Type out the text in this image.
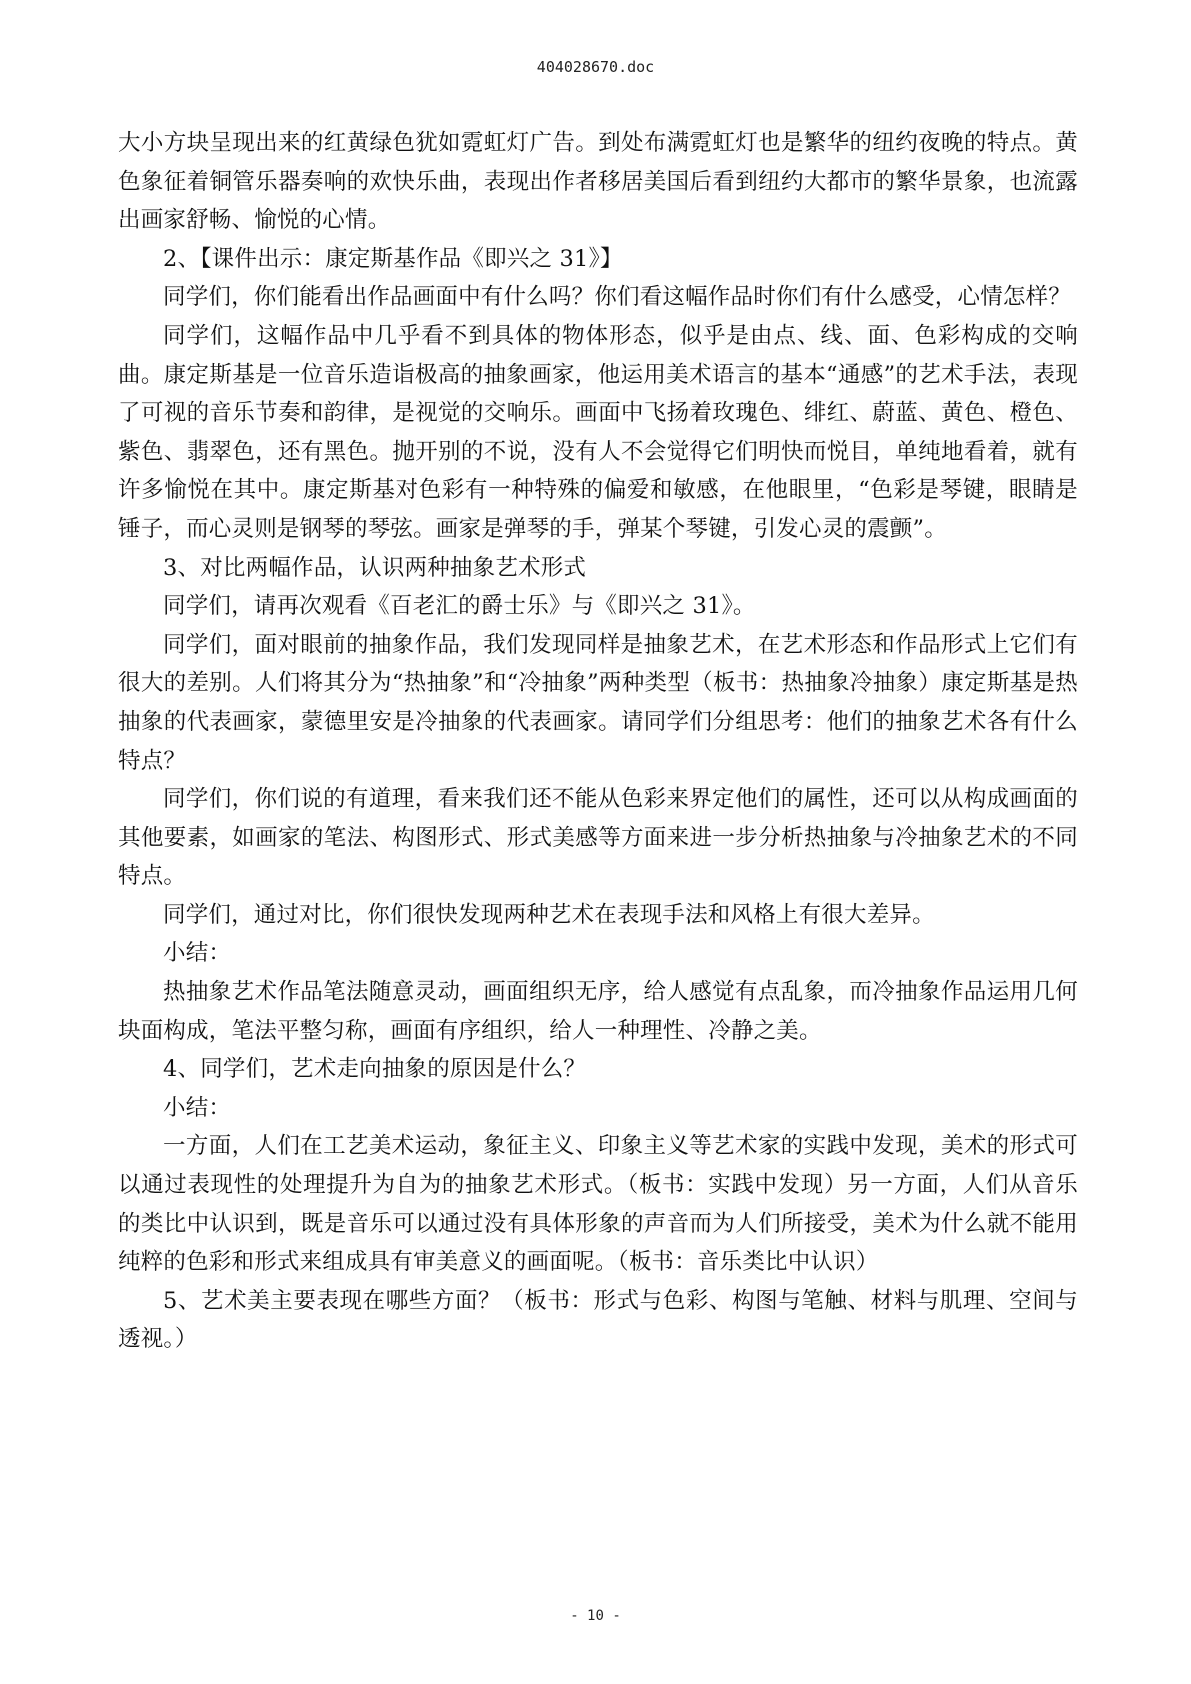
404028670.doc

大小方块呈现出来的红黄绿色犹如霓虹灯广告。到处布满霓虹灯也是繁华的纽约夜晚的特点。黄色象征着铜管乐器奏响的欢快乐曲，表现出作者移居美国后看到纽约大都市的繁华景象，也流露出画家舒畅、愉悦的心情。

2、【课件出示：康定斯基作品《即兴之 31》】

同学们，你们能看出作品画面中有什么吗？你们看这幅作品时你们有什么感受，心情怎样？

同学们，这幅作品中几乎看不到具体的物体形态，似乎是由点、线、面、色彩构成的交响曲。康定斯基是一位音乐造诣极高的抽象画家，他运用美术语言的基本“通感”的艺术手法，表现了可视的音乐节奏和韵律，是视觉的交响乐。画面中飞扬着玫瑰色、绯红、蔚蓝、黄色、橙色、紫色、翡翠色，还有黑色。抛开别的不说，没有人不会觉得它们明快而悦目，单纯地看着，就有许多愉悦在其中。康定斯基对色彩有一种特殊的偏爱和敏感，在他眼里，“色彩是琴键，眼睛是锤子，而心灵则是钢琴的琴弦。画家是弹琴的手，弹某个琴键，引发心灵的震颤”。

3、对比两幅作品，认识两种抽象艺术形式

同学们，请再次观看《百老汇的爵士乐》与《即兴之 31》。

同学们，面对眼前的抽象作品，我们发现同样是抽象艺术，在艺术形态和作品形式上它们有很大的差别。人们将其分为“热抽象”和“冷抽象”两种类型（板书：热抽象冷抽象）康定斯基是热抽象的代表画家，蒙德里安是冷抽象的代表画家。请同学们分组思考：他们的抽象艺术各有什么特点？

同学们，你们说的有道理，看来我们还不能从色彩来界定他们的属性，还可以从构成画面的其他要素，如画家的笔法、构图形式、形式美感等方面来进一步分析热抽象与冷抽象艺术的不同特点。

同学们，通过对比，你们很快发现两种艺术在表现手法和风格上有很大差异。

小结：

热抽象艺术作品笔法随意灵动，画面组织无序，给人感觉有点乱象，而冷抽象作品运用几何块面构成，笔法平整匀称，画面有序组织，给人一种理性、冷静之美。

4、同学们，艺术走向抽象的原因是什么？

小结：

一方面，人们在工艺美术运动，象征主义、印象主义等艺术家的实践中发现，美术的形式可以通过表现性的处理提升为自为的抽象艺术形式。（板书：实践中发现）另一方面，人们从音乐的类比中认识到，既是音乐可以通过没有具体形象的声音而为人们所接受，美术为什么就不能用纯粹的色彩和形式来组成具有审美意义的画面呢。（板书：音乐类比中认识）

5、艺术美主要表现在哪些方面？（板书：形式与色彩、构图与笔触、材料与肌理、空间与透视。）

- 10 -
